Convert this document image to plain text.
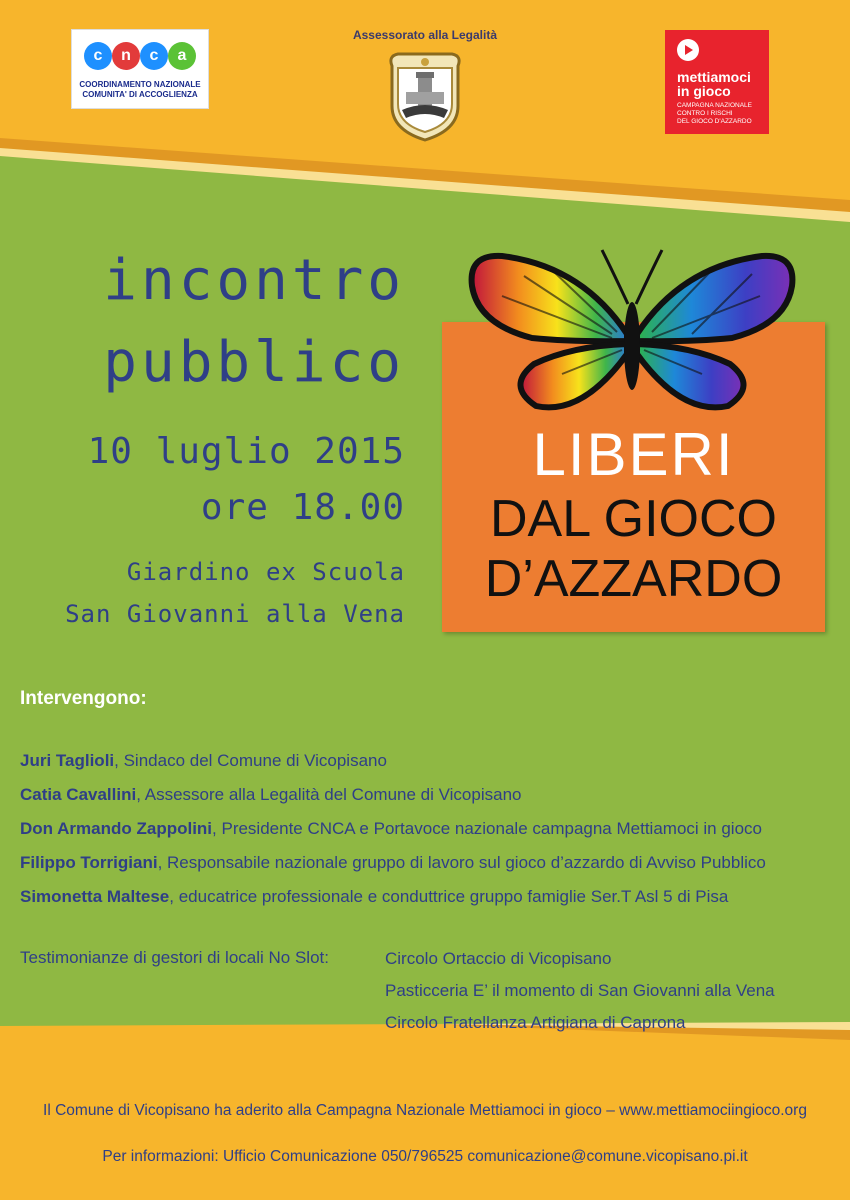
c	n	c	a
COORDINAMENTO NAZIONALE
COMUNITA' DI ACCOGLIENZA
Assessorato alla Legalità
mettiamoci
in gioco
CAMPAGNA NAZIONALE
CONTRO I RISCHI
DEL GIOCO D'AZZARDO
incontro
pubblico
10 luglio 2015
ore 18.00
Giardino ex Scuola
San Giovanni alla Vena
LIBERI
DAL GIOCO
D’AZZARDO
Intervengono:
Juri Taglioli, Sindaco del Comune di Vicopisano
Catia Cavallini, Assessore alla Legalità del Comune di Vicopisano
Don Armando Zappolini, Presidente CNCA e Portavoce nazionale campagna Mettiamoci in gioco
Filippo Torrigiani, Responsabile nazionale gruppo di lavoro sul gioco d’azzardo di Avviso Pubblico
Simonetta Maltese, educatrice professionale e conduttrice gruppo famiglie Ser.T Asl 5 di Pisa
Testimonianze di gestori di locali No Slot:	Circolo Ortaccio di Vicopisano
Pasticceria E’ il momento di San Giovanni alla Vena
Circolo Fratellanza Artigiana di Caprona
Il Comune di Vicopisano ha aderito alla Campagna Nazionale Mettiamoci in gioco – www.mettiamociingioco.org
Per informazioni: Ufficio Comunicazione 050/796525 comunicazione@comune.vicopisano.pi.it
